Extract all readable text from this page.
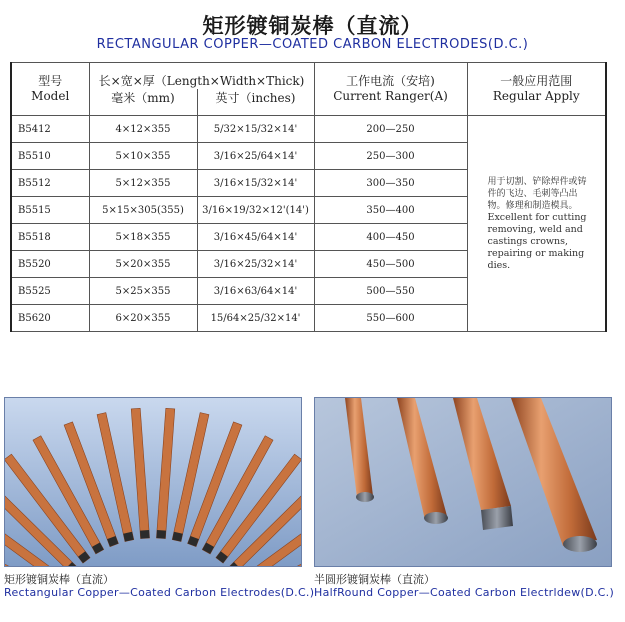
矩形镀铜炭棒（直流）
RECTANGULAR COPPER—COATED CARBON ELECTRODES(D.C.)
型号	长×宽×厚（Length×Width×Thick)		工作电流（安培)	一般应用范围
Model	毫米（mm)	英寸（inches)	Current Ranger(A)	Regular Apply
B5412	4×12×355	5/32×15/32×14'	200—250	用于切割、铲除焊件或铸件的飞边、毛刺等凸出物。修理和制造模具。
Excellent for cutting removing, weld and castings crowns, repairing or making dies.

B5510	5×10×355	3/16×25/64×14'	250—300	
B5512	5×12×355	3/16×15/32×14'	300—350	
B5515	5×15×305(355)	3/16×19/32×12'(14')	350—400	
B5518	5×18×355	3/16×45/64×14'	400—450	
B5520	5×20×355	3/16×25/32×14'	450—500	
B5525	5×25×355	3/16×63/64×14'	500—550	
B5620	6×20×355	15/64×25/32×14'	550—600	
矩形镀铜炭棒（直流）
Rectangular Copper—Coated Carbon Electrodes(D.C.)
半圆形镀铜炭棒（直流）
HalfRound Copper—Coated Carbon Electrldew(D.C.)
